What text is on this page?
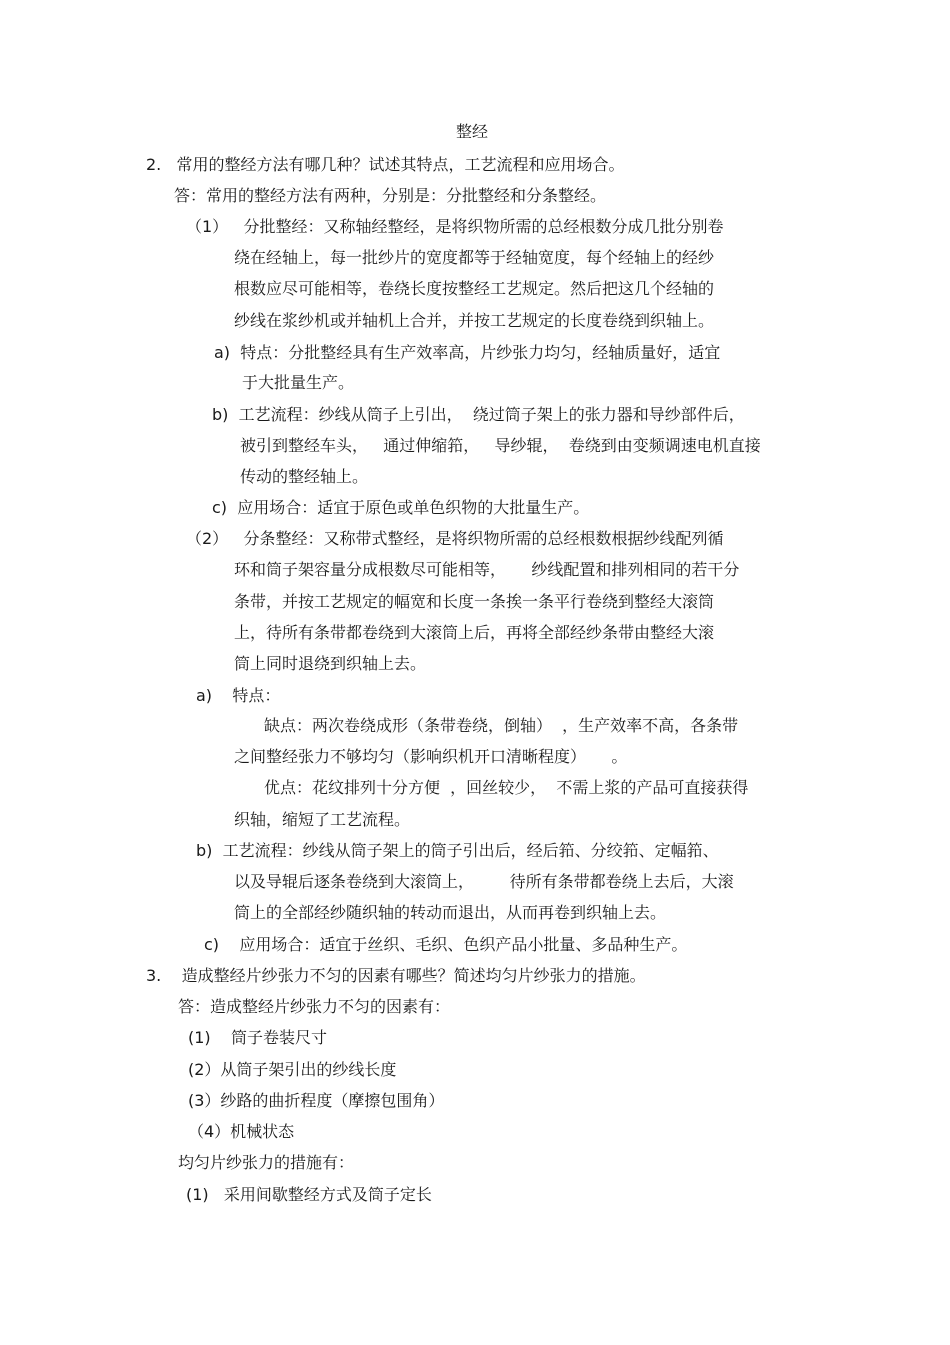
整经
2.   常用的整经方法有哪几种？试述其特点，工艺流程和应用场合。
答：常用的整经方法有两种，分别是：分批整经和分条整经。
（1）   分批整经：又称轴经整经，是将织物所需的总经根数分成几批分别卷
绕在经轴上，每一批纱片的宽度都等于经轴宽度，每个经轴上的经纱
根数应尽可能相等，卷绕长度按整经工艺规定。然后把这几个经轴的
纱线在浆纱机或并轴机上合并，并按工艺规定的长度卷绕到织轴上。
a)  特点：分批整经具有生产效率高，片纱张力均匀，经轴质量好，适宜
于大批量生产。
b)  工艺流程：纱线从筒子上引出，  绕过筒子架上的张力器和导纱部件后，
被引到整经车头，   通过伸缩筘，   导纱辊，  卷绕到由变频调速电机直接
传动的整经轴上。
c)  应用场合：适宜于原色或单色织物的大批量生产。
（2）   分条整经：又称带式整经，是将织物所需的总经根数根据纱线配列循
环和筒子架容量分成根数尽可能相等，     纱线配置和排列相同的若干分
条带，并按工艺规定的幅宽和长度一条挨一条平行卷绕到整经大滚筒
上，待所有条带都卷绕到大滚筒上后，再将全部经纱条带由整经大滚
筒上同时退绕到织轴上去。
a)    特点：
缺点：两次卷绕成形（条带卷绕，倒轴）  ，生产效率不高，各条带
之间整经张力不够均匀（影响织机开口清晰程度）     。
优点：花纹排列十分方便  ，回丝较少，  不需上浆的产品可直接获得
织轴，缩短了工艺流程。
b)  工艺流程：纱线从筒子架上的筒子引出后，经后筘、分绞筘、定幅筘、
以及导辊后逐条卷绕到大滚筒上，       待所有条带都卷绕上去后，大滚
筒上的全部经纱随织轴的转动而退出，从而再卷到织轴上去。
c)    应用场合：适宜于丝织、毛织、色织产品小批量、多品种生产。
3.    造成整经片纱张力不匀的因素有哪些？简述均匀片纱张力的措施。
答：造成整经片纱张力不匀的因素有：
(1)    筒子卷装尺寸
(2）从筒子架引出的纱线长度
(3）纱路的曲折程度（摩擦包围角）
（4）机械状态
均匀片纱张力的措施有：
(1)   采用间歇整经方式及筒子定长
